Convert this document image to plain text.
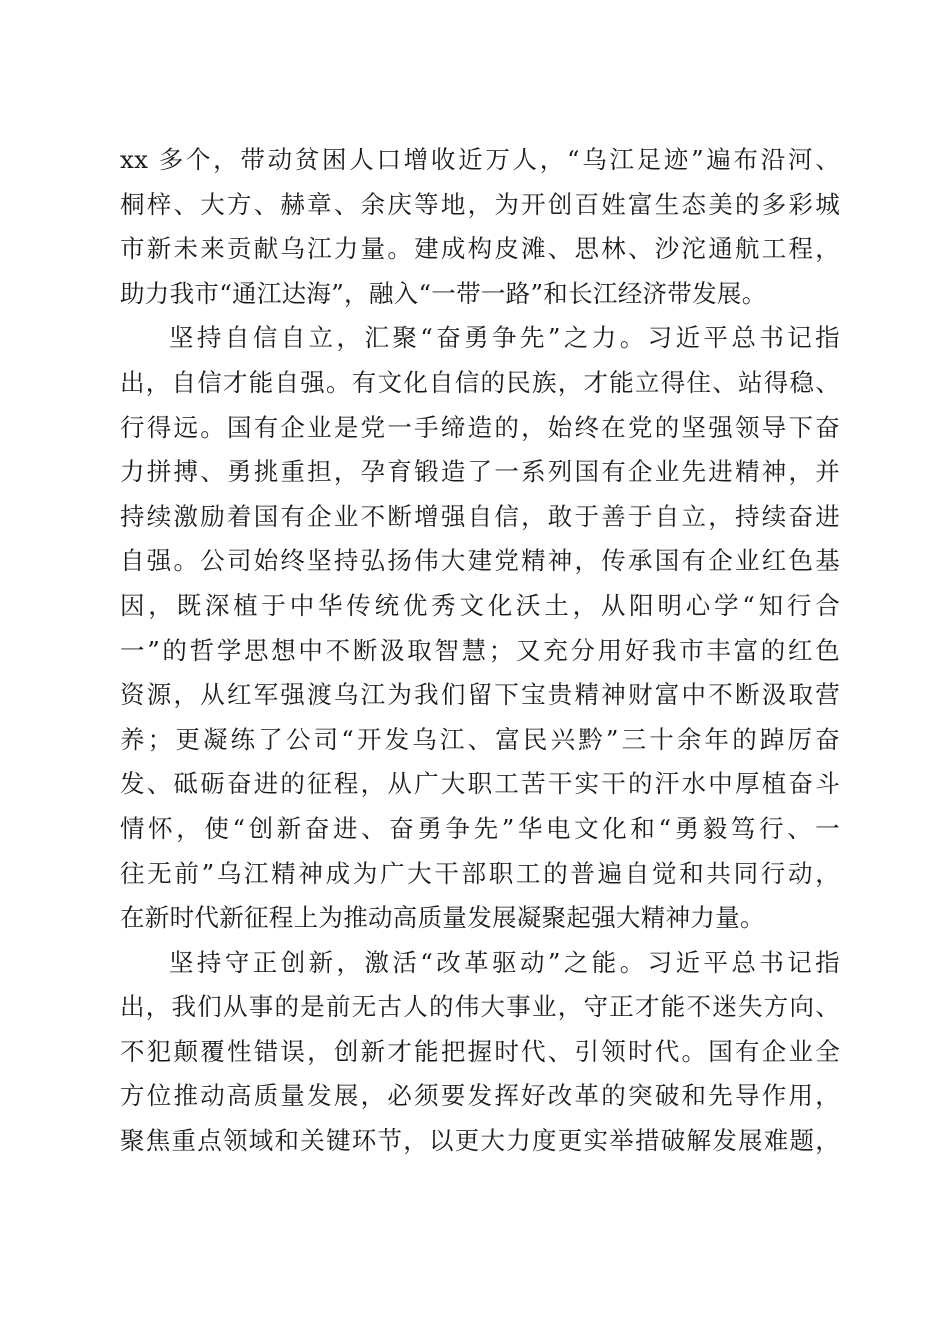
xx 多个，带动贫困人口增收近万人，“乌江足迹”遍布沿河、
桐梓、大方、赫章、余庆等地，为开创百姓富生态美的多彩城
市新未来贡献乌江力量。建成构皮滩、思林、沙沱通航工程，
助力我市“通江达海”，融入“一带一路”和长江经济带发展。
坚持自信自立，汇聚“奋勇争先”之力。习近平总书记指
出，自信才能自强。有文化自信的民族，才能立得住、站得稳、
行得远。国有企业是党一手缔造的，始终在党的坚强领导下奋
力拼搏、勇挑重担，孕育锻造了一系列国有企业先进精神，并
持续激励着国有企业不断增强自信，敢于善于自立，持续奋进
自强。公司始终坚持弘扬伟大建党精神，传承国有企业红色基
因，既深植于中华传统优秀文化沃土，从阳明心学“知行合
一”的哲学思想中不断汲取智慧；又充分用好我市丰富的红色
资源，从红军强渡乌江为我们留下宝贵精神财富中不断汲取营
养；更凝练了公司“开发乌江、富民兴黔”三十余年的踔厉奋
发、砥砺奋进的征程，从广大职工苦干实干的汗水中厚植奋斗
情怀，使“创新奋进、奋勇争先”华电文化和“勇毅笃行、一
往无前”乌江精神成为广大干部职工的普遍自觉和共同行动，
在新时代新征程上为推动高质量发展凝聚起强大精神力量。
坚持守正创新，激活“改革驱动”之能。习近平总书记指
出，我们从事的是前无古人的伟大事业，守正才能不迷失方向、
不犯颠覆性错误，创新才能把握时代、引领时代。国有企业全
方位推动高质量发展，必须要发挥好改革的突破和先导作用，
聚焦重点领域和关键环节，以更大力度更实举措破解发展难题，
